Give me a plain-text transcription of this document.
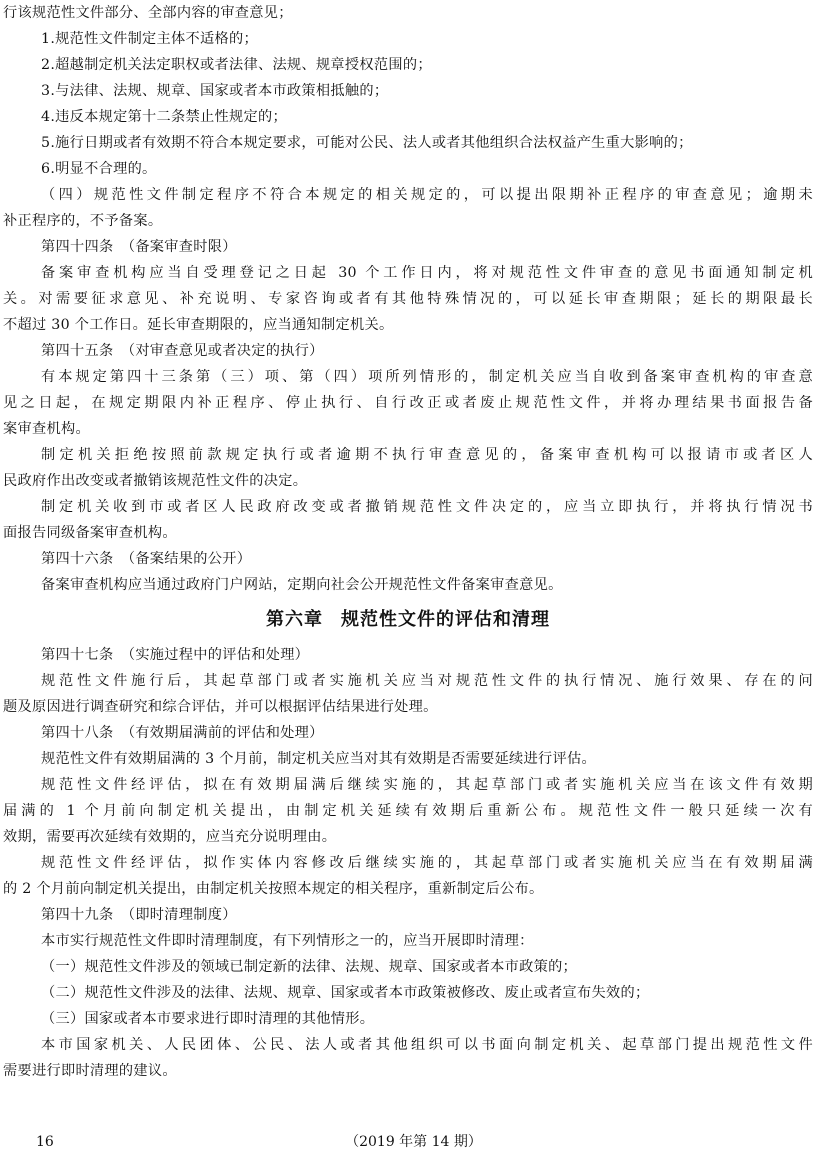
行该规范性文件部分、全部内容的审查意见；
1.规范性文件制定主体不适格的；
2.超越制定机关法定职权或者法律、法规、规章授权范围的；
3.与法律、法规、规章、国家或者本市政策相抵触的；
4.违反本规定第十二条禁止性规定的；
5.施行日期或者有效期不符合本规定要求，可能对公民、法人或者其他组织合法权益产生重大影响的；
6.明显不合理的。
（四）规范性文件制定程序不符合本规定的相关规定的，可以提出限期补正程序的审查意见；逾期未
补正程序的，不予备案。
第四十四条　（备案审查时限）
备案审查机构应当自受理登记之日起 30 个工作日内，将对规范性文件审查的意见书面通知制定机
关。对需要征求意见、补充说明、专家咨询或者有其他特殊情况的，可以延长审查期限；延长的期限最长
不超过 30 个工作日。延长审查期限的，应当通知制定机关。
第四十五条　（对审查意见或者决定的执行）
有本规定第四十三条第（三）项、第（四）项所列情形的，制定机关应当自收到备案审查机构的审查意
见之日起，在规定期限内补正程序、停止执行、自行改正或者废止规范性文件，并将办理结果书面报告备
案审查机构。
制定机关拒绝按照前款规定执行或者逾期不执行审查意见的，备案审查机构可以报请市或者区人
民政府作出改变或者撤销该规范性文件的决定。
制定机关收到市或者区人民政府改变或者撤销规范性文件决定的，应当立即执行，并将执行情况书
面报告同级备案审查机构。
第四十六条　（备案结果的公开）
备案审查机构应当通过政府门户网站，定期向社会公开规范性文件备案审查意见。
第六章 规范性文件的评估和清理
第四十七条　（实施过程中的评估和处理）
规范性文件施行后，其起草部门或者实施机关应当对规范性文件的执行情况、施行效果、存在的问
题及原因进行调查研究和综合评估，并可以根据评估结果进行处理。
第四十八条　（有效期届满前的评估和处理）
规范性文件有效期届满的 3 个月前，制定机关应当对其有效期是否需要延续进行评估。
规范性文件经评估，拟在有效期届满后继续实施的，其起草部门或者实施机关应当在该文件有效期
届满的 1 个月前向制定机关提出，由制定机关延续有效期后重新公布。规范性文件一般只延续一次有
效期，需要再次延续有效期的，应当充分说明理由。
规范性文件经评估，拟作实体内容修改后继续实施的，其起草部门或者实施机关应当在有效期届满
的 2 个月前向制定机关提出，由制定机关按照本规定的相关程序，重新制定后公布。
第四十九条　（即时清理制度）
本市实行规范性文件即时清理制度，有下列情形之一的，应当开展即时清理：
（一）规范性文件涉及的领域已制定新的法律、法规、规章、国家或者本市政策的；
（二）规范性文件涉及的法律、法规、规章、国家或者本市政策被修改、废止或者宣布失效的；
（三）国家或者本市要求进行即时清理的其他情形。
本市国家机关、人民团体、公民、法人或者其他组织可以书面向制定机关、起草部门提出规范性文件
需要进行即时清理的建议。
16	（2019 年第 14 期）
